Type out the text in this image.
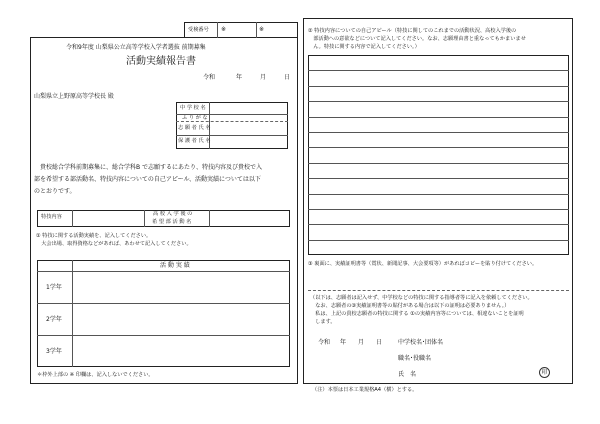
受検番号 ※	※
令和9年度 山梨県公立高等学校入学者選抜 前期募集
活動実績報告書
令和	年	月	日
山梨県立上野原高等学校長 殿
中 学 校 名
ふ り が な
志 願 者 氏 名
保 護 者 氏 名
　貴校総合学科前期募集に、総合学科B で志願するにあたり、特技内容及び貴校で入
部を希望する部活動名、特技内容についての自己アピール、活動実績については以下
のとおりです。
特技内容	高 校 入 学 後 の
希 望 部 活 動 名
① 特技に関する活動実績を、記入してください。
　大会出場、取得資格などがあれば、あわせて記入してください。
活 動 実 績
1学年
2学年
3学年
＊枠外上部の ※ 印欄は、記入しないでください。
② 特技内容についての自己アピール（特技に関してのこれまでの活動状況、高校入学後の
　部活動への意欲などについて記入してください。なお、志願理由書と重なってもかまいませ
　ん。特技に関する内容で記入してください。）
③ 裏面に、実績証明書等（賞状、新聞記事、大会要項等）があればコピーを貼り付けてください。
（以下は、志願者は記入せず、中学校などの特技に関する指導者等に記入を依頼してください。
　なお、志願者の③実績証明書等の貼付がある場合は以下の証明は必要ありません。）
　私は、上記の貴校志願者の特技に関する ①の実績内容等については、相違ないことを証明
　します。
令和 年 月 日	中学校名･団体名
職名･役職名
氏　名	印
（注）本票は日本工業規格A4（横）とする。
